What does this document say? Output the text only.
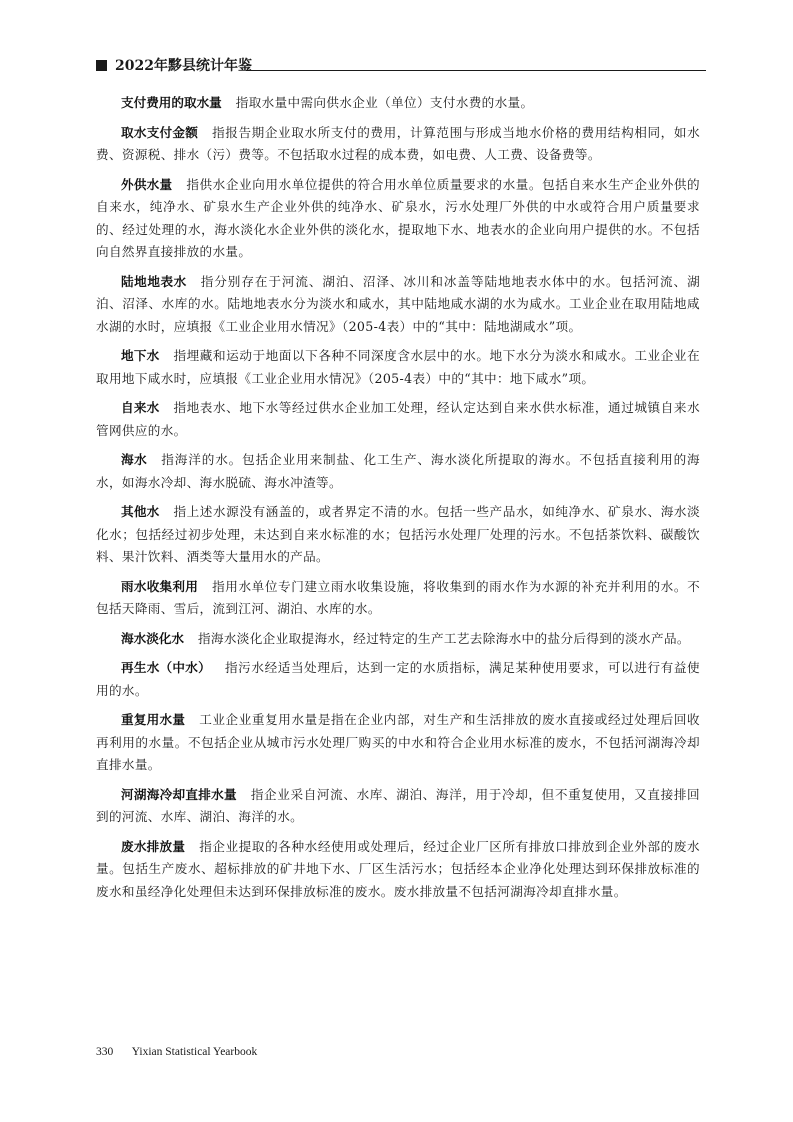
2022年黟县统计年鉴

支付费用的取水量 指取水量中需向供水企业（单位）支付水费的水量。

取水支付金额 指报告期企业取水所支付的费用，计算范围与形成当地水价格的费用结构相同，如水费、资源税、排水（污）费等。不包括取水过程的成本费，如电费、人工费、设备费等。

外供水量 指供水企业向用水单位提供的符合用水单位质量要求的水量。包括自来水生产企业外供的自来水，纯净水、矿泉水生产企业外供的纯净水、矿泉水，污水处理厂外供的中水或符合用户质量要求的、经过处理的水，海水淡化水企业外供的淡化水，提取地下水、地表水的企业向用户提供的水。不包括向自然界直接排放的水量。

陆地地表水 指分别存在于河流、湖泊、沼泽、冰川和冰盖等陆地地表水体中的水。包括河流、湖泊、沼泽、水库的水。陆地地表水分为淡水和咸水，其中陆地咸水湖的水为咸水。工业企业在取用陆地咸水湖的水时，应填报《工业企业用水情况》（205-4表）中的“其中：陆地湖咸水”项。

地下水 指埋藏和运动于地面以下各种不同深度含水层中的水。地下水分为淡水和咸水。工业企业在取用地下咸水时，应填报《工业企业用水情况》（205-4表）中的“其中：地下咸水”项。

自来水 指地表水、地下水等经过供水企业加工处理，经认定达到自来水供水标准，通过城镇自来水管网供应的水。

海水 指海洋的水。包括企业用来制盐、化工生产、海水淡化所提取的海水。不包括直接利用的海水，如海水冷却、海水脱硫、海水冲渣等。

其他水 指上述水源没有涵盖的，或者界定不清的水。包括一些产品水，如纯净水、矿泉水、海水淡化水；包括经过初步处理，未达到自来水标准的水；包括污水处理厂处理的污水。不包括茶饮料、碳酸饮料、果汁饮料、酒类等大量用水的产品。

雨水收集利用 指用水单位专门建立雨水收集设施，将收集到的雨水作为水源的补充并利用的水。不包括天降雨、雪后，流到江河、湖泊、水库的水。

海水淡化水 指海水淡化企业取提海水，经过特定的生产工艺去除海水中的盐分后得到的淡水产品。

再生水（中水） 指污水经适当处理后，达到一定的水质指标，满足某种使用要求，可以进行有益使用的水。

重复用水量 工业企业重复用水量是指在企业内部，对生产和生活排放的废水直接或经过处理后回收再利用的水量。不包括企业从城市污水处理厂购买的中水和符合企业用水标准的废水，不包括河湖海冷却直排水量。

河湖海冷却直排水量 指企业采自河流、水库、湖泊、海洋，用于冷却，但不重复使用，又直接排回到的河流、水库、湖泊、海洋的水。

废水排放量 指企业提取的各种水经使用或处理后，经过企业厂区所有排放口排放到企业外部的废水量。包括生产废水、超标排放的矿井地下水、厂区生活污水；包括经本企业净化处理达到环保排放标准的废水和虽经净化处理但未达到环保排放标准的废水。废水排放量不包括河湖海冷却直排水量。

330 Yixian Statistical Yearbook
